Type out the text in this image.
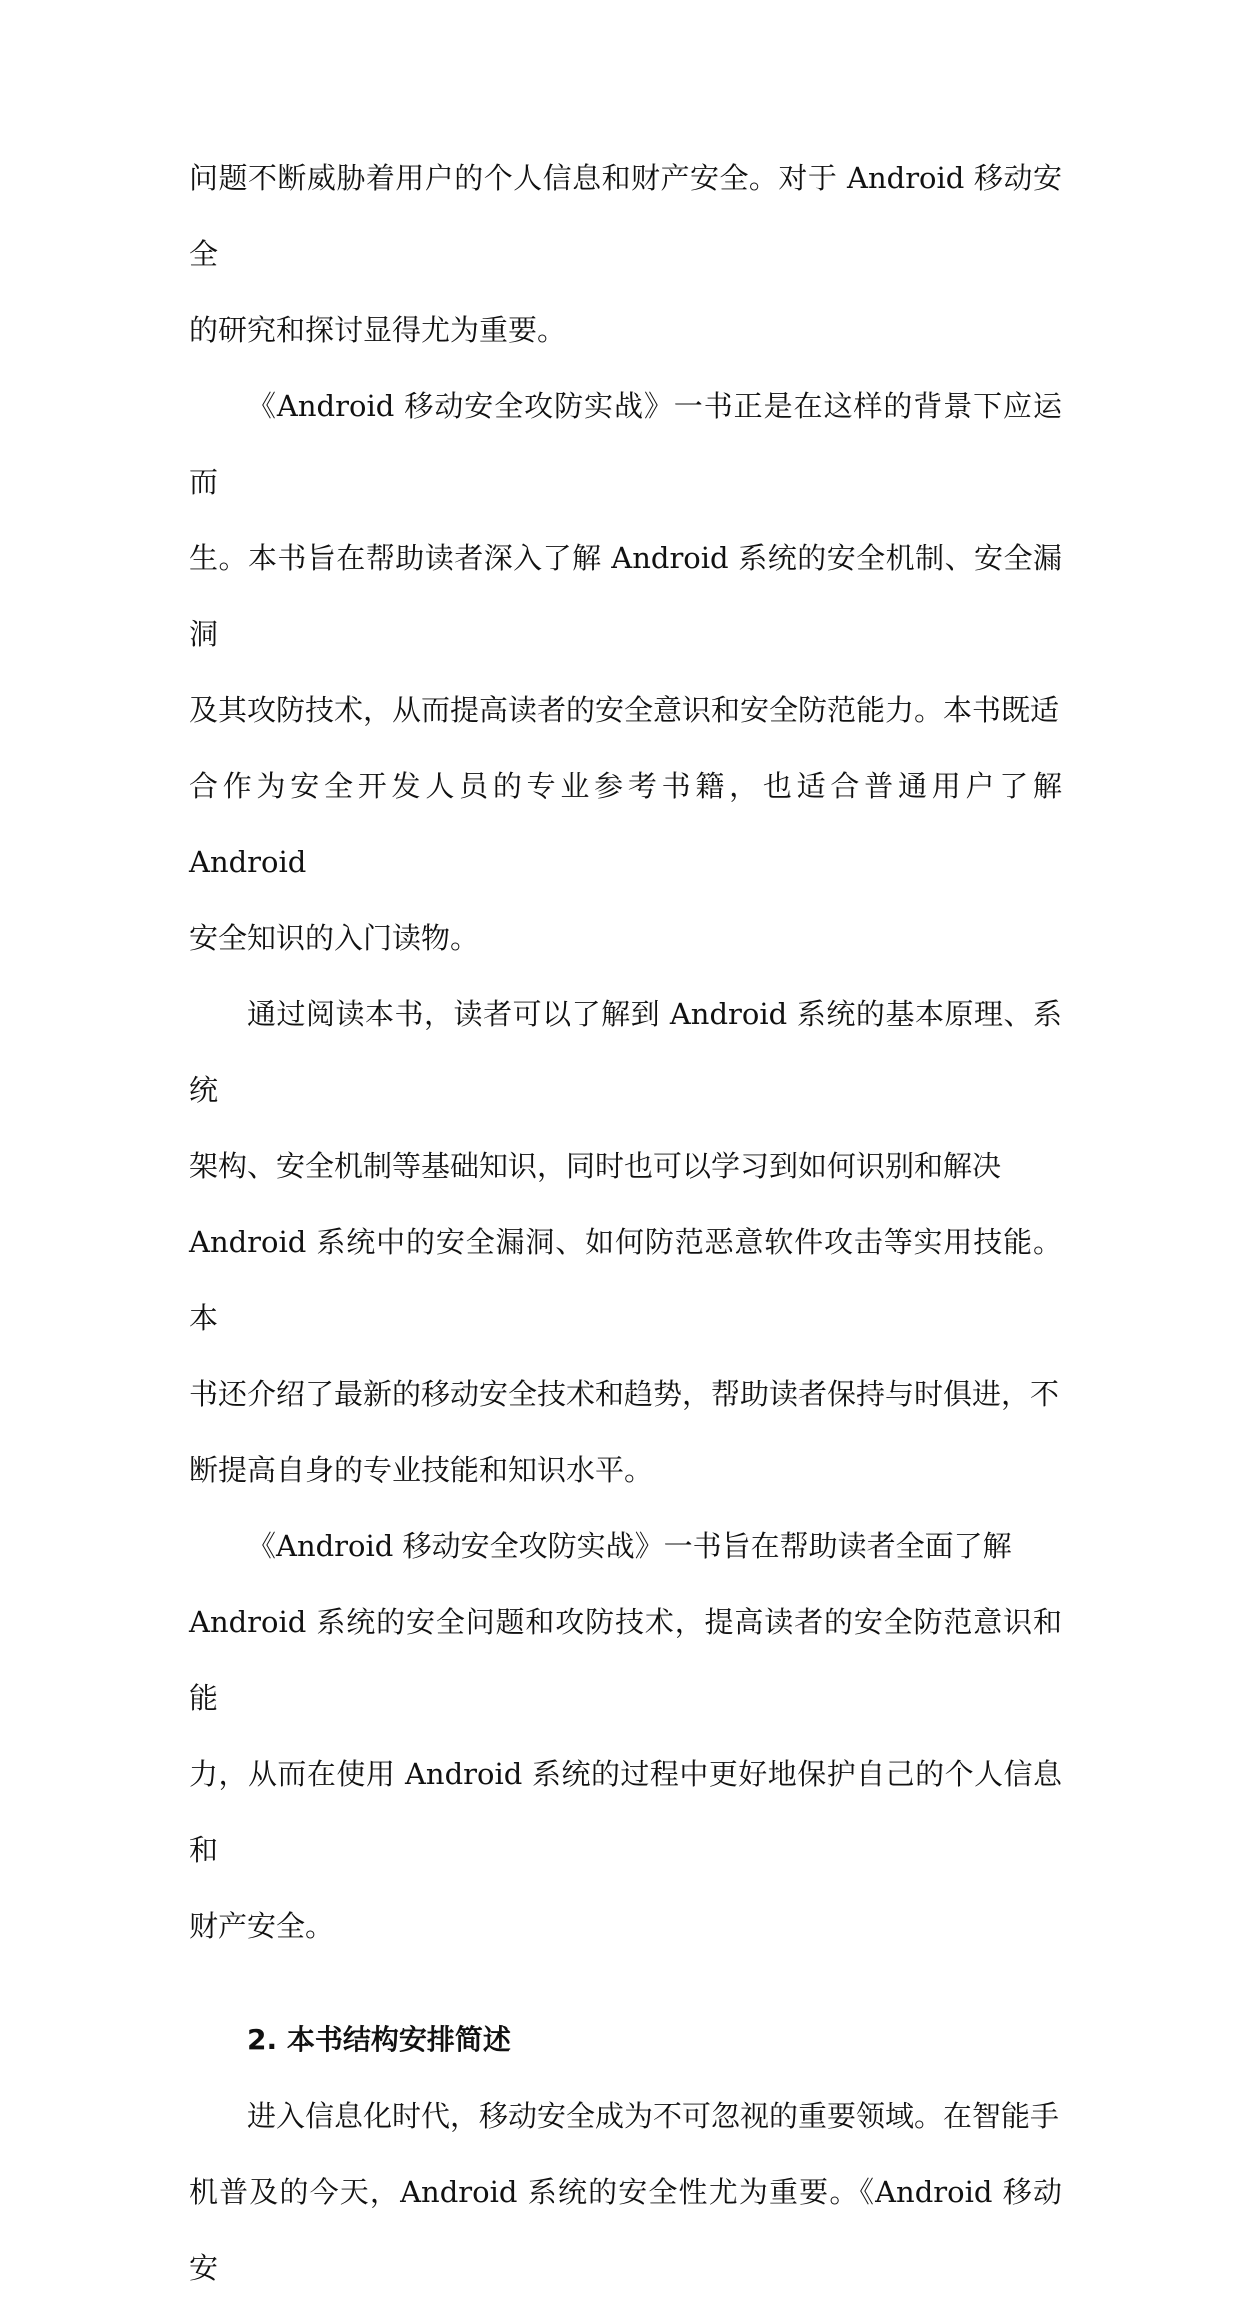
问题不断威胁着用户的个人信息和财产安全。对于 Android 移动安全
的研究和探讨显得尤为重要。

《Android 移动安全攻防实战》一书正是在这样的背景下应运而
生。本书旨在帮助读者深入了解 Android 系统的安全机制、安全漏洞
及其攻防技术，从而提高读者的安全意识和安全防范能力。本书既适
合作为安全开发人员的专业参考书籍，也适合普通用户了解 Android
安全知识的入门读物。

通过阅读本书，读者可以了解到 Android 系统的基本原理、系统
架构、安全机制等基础知识，同时也可以学习到如何识别和解决
Android 系统中的安全漏洞、如何防范恶意软件攻击等实用技能。本
书还介绍了最新的移动安全技术和趋势，帮助读者保持与时俱进，不
断提高自身的专业技能和知识水平。

《Android 移动安全攻防实战》一书旨在帮助读者全面了解
Android 系统的安全问题和攻防技术，提高读者的安全防范意识和能
力，从而在使用 Android 系统的过程中更好地保护自己的个人信息和
财产安全。

2. 本书结构安排简述

进入信息化时代，移动安全成为不可忽视的重要领域。在智能手
机普及的今天，Android 系统的安全性尤为重要。《Android 移动安
